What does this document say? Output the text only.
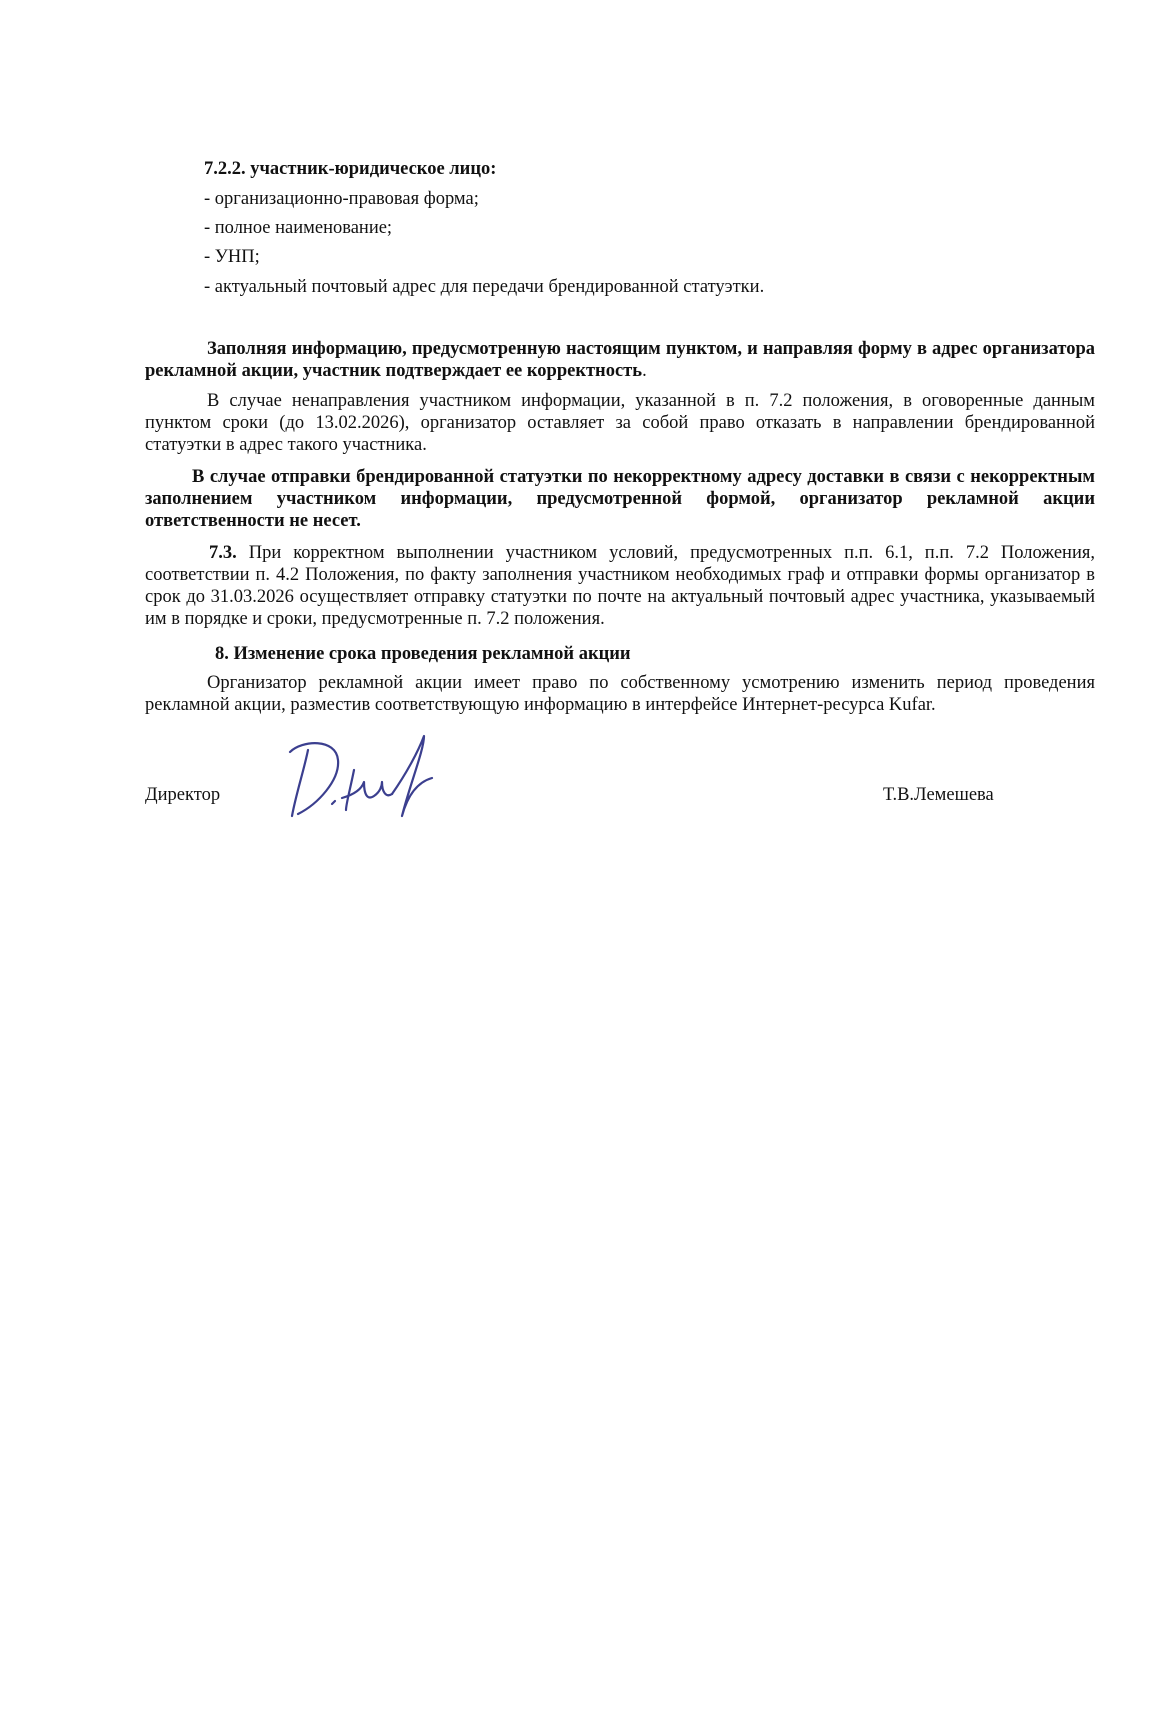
7.2.2. участник-юридическое лицо:
- организационно-правовая форма;
- полное наименование;
- УНП;
- актуальный почтовый адрес для передачи брендированной статуэтки.
Заполняя информацию, предусмотренную настоящим пунктом, и направляя форму в адрес организатора рекламной акции, участник подтверждает ее корректность.
В случае ненаправления участником информации, указанной в п. 7.2 положения, в оговоренные данным пунктом сроки (до 13.02.2026), организатор оставляет за собой право отказать в направлении брендированной статуэтки в адрес такого участника.
В случае отправки брендированной статуэтки по некорректному адресу доставки в связи с некорректным заполнением участником информации, предусмотренной формой, организатор рекламной акции ответственности не несет.
7.3. При корректном выполнении участником условий, предусмотренных п.п. 6.1, п.п. 7.2 Положения, соответствии п. 4.2 Положения, по факту заполнения участником необходимых граф и отправки формы организатор в срок до 31.03.2026 осуществляет отправку статуэтки по почте на актуальный почтовый адрес участника, указываемый им в порядке и сроки, предусмотренные п. 7.2 положения.
8. Изменение срока проведения рекламной акции
Организатор рекламной акции имеет право по собственному усмотрению изменить период проведения рекламной акции, разместив соответствующую информацию в интерфейсе Интернет-ресурса Kufar.
Директор	Т.В.Лемешева
